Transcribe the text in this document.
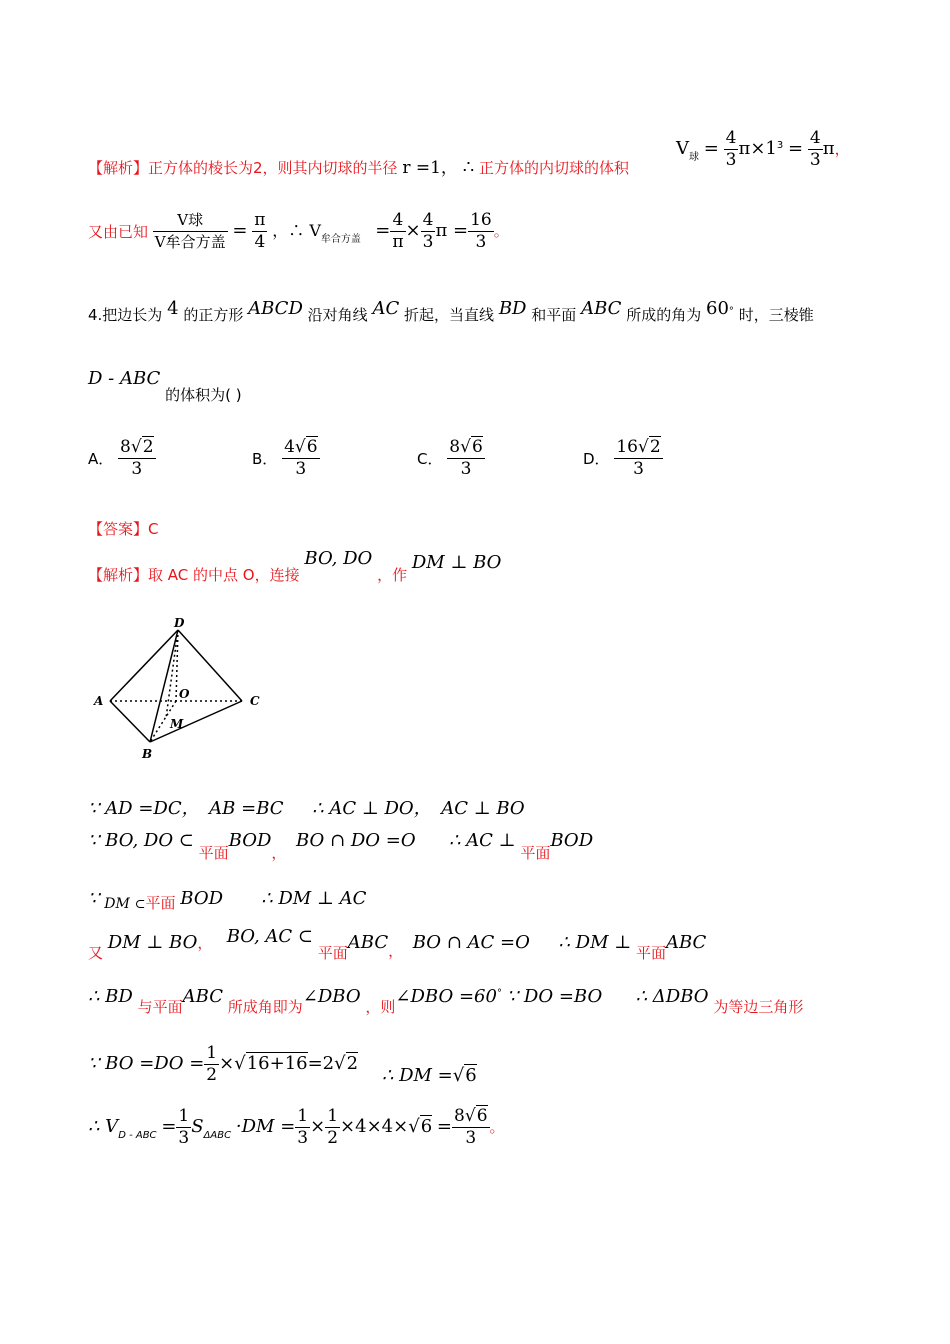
【解析】正方体的棱长为2，则其内切球的半径 r =1， ∴ 正方体的内切球的体积
$V_球 = \frac{4}{3} \pi\times 1^3 = \frac{4}{3}$ π，
又由已知 $\frac{\text{V球}}{\text{V牟合方盖}} = \frac{\pi}{4}$ ，∴ $V_{牟合方盖} = \frac{4}{\pi} \times \frac{4}{3}$ $\pi = \frac{16}{3}$ 。
4.把边长为 4 的正方形 ABCD 沿对角线 AC 折起，当直线 BD 和平面 ABC 所成的角为 60° 时，三棱锥
D - ABC 的体积为( )
A． $\frac{8√2}{3}$	B． $\frac{4√6}{3}$	C． $\frac{8√6}{3}$	D． $\frac{16√2}{3}$
【答案】C
【解析】取 AC 的中点 O，连接 BO, DO ，作 DM ⊥ BO
D
A	O	C
M
B
∵ AD =DC， AB =BC ∴ AC ⊥ DO， AC ⊥ BO
∵ BO, DO ⊂ 平面BOD，  BO ∩ DO =O ∴ AC ⊥ 平面BOD
∵ DM ⊂平面 BOD ∴ DM ⊥ AC
又 DM ⊥ BO， BO, AC ⊂ 平面ABC， BO ∩ AC =O ∴ DM ⊥ 平面ABC
∴ BD 与平面ABC 所成角即为∠DBO ，则∠DBO =60° ∵ DO =BO ∴ ΔDBO 为等边三角形
∵ BO $=DO = \frac{1}{2} \times√16+16=2√2$     ∴ DM =√6
∴ $V_{D - ABC} = \frac{1}{3} S_{\Delta ABC} \cdot DM = \frac{1}{3} \times \frac{1}{2} \times 4\times 4\times√6 = \frac{8√6}{3}$ 。
